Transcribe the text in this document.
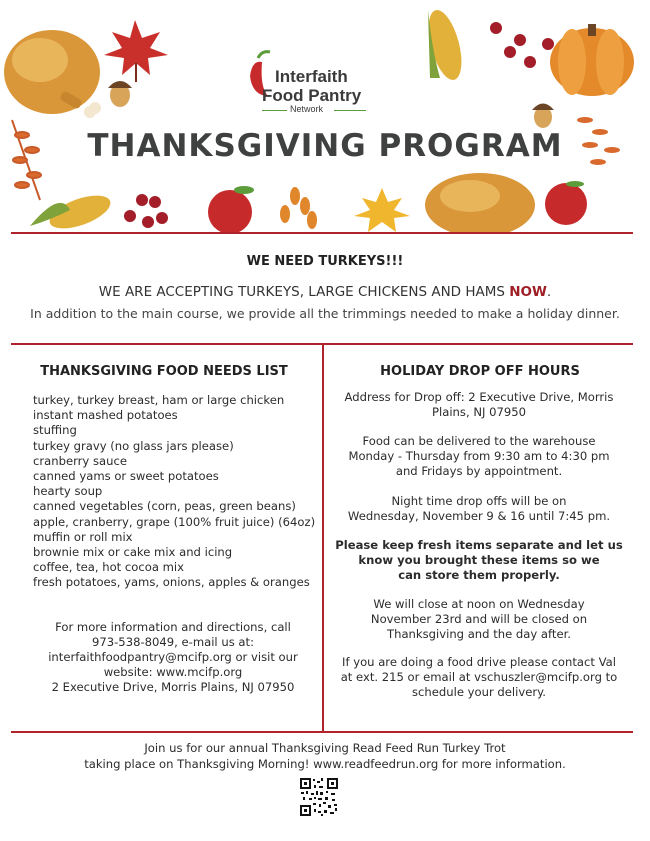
Interfaith
Food Pantry
Network
THANKSGIVING PROGRAM
WE NEED TURKEYS!!!
WE ARE ACCEPTING TURKEYS, LARGE CHICKENS AND HAMS NOW.
In addition to the main course, we provide all the trimmings needed to make a holiday dinner.
THANKSGIVING FOOD NEEDS LIST
turkey, turkey breast, ham or large chicken
instant mashed potatoes
stuffing
turkey gravy (no glass jars please)
cranberry sauce
canned yams or sweet potatoes
hearty soup
canned vegetables (corn, peas, green beans)
apple, cranberry, grape (100% fruit juice) (64oz)
muffin or roll mix
brownie mix or cake mix and icing
coffee, tea, hot cocoa mix
fresh potatoes, yams, onions, apples & oranges
For more information and directions, call
973-538-8049, e-mail us at:
interfaithfoodpantry@mcifp.org or visit our
website: www.mcifp.org
2 Executive Drive, Morris Plains, NJ 07950
HOLIDAY DROP OFF HOURS
Address for Drop off: 2 Executive Drive, Morris
Plains, NJ 07950
Food can be delivered to the warehouse
Monday - Thursday from 9:30 am to 4:30 pm
and Fridays by appointment.
Night time drop offs will be on
Wednesday, November 9 & 16 until 7:45 pm.
Please keep fresh items separate and let us
know you brought these items so we
can store them properly.
We will close at noon on Wednesday
November 23rd and will be closed on
Thanksgiving and the day after.
If you are doing a food drive please contact Val
at ext. 215 or email at vschuszler@mcifp.org to
schedule your delivery.
Join us for our annual Thanksgiving Read Feed Run Turkey Trot
taking place on Thanksgiving Morning! www.readfeedrun.org for more information.
